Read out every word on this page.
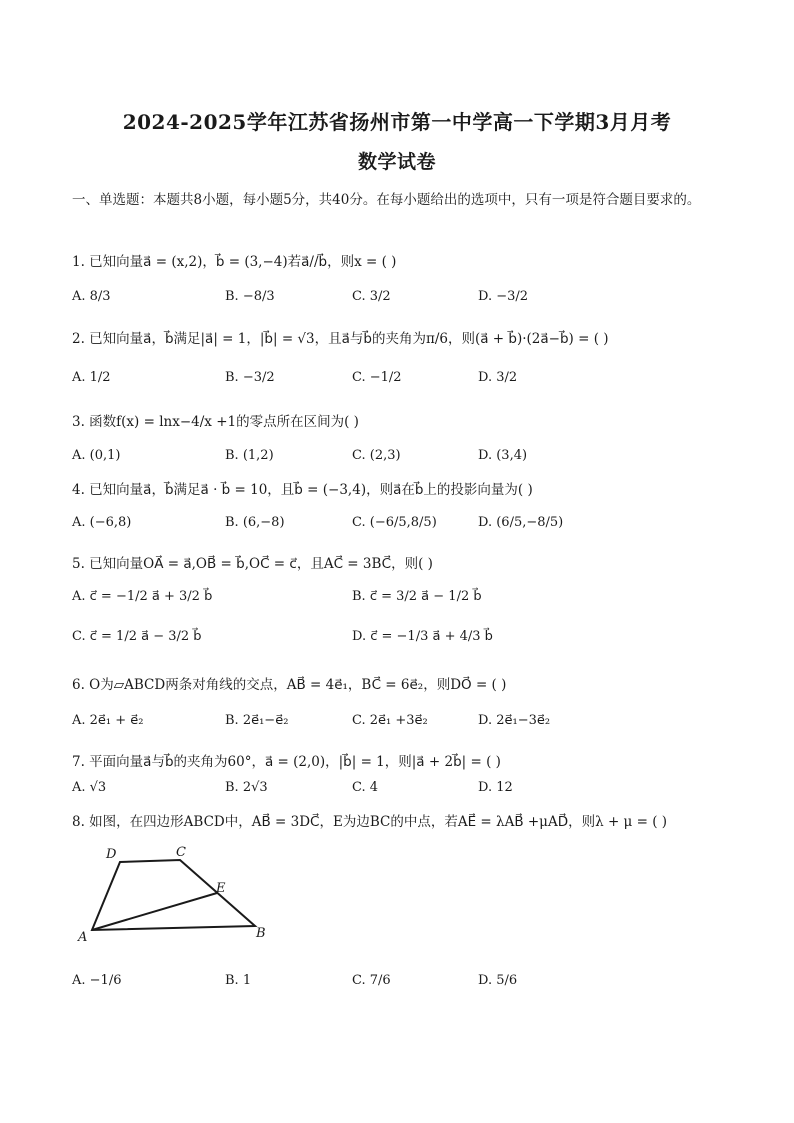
2024-2025学年江苏省扬州市第一中学高一下学期3月月考
数学试卷
一、单选题：本题共8小题，每小题5分，共40分。在每小题给出的选项中，只有一项是符合题目要求的。
1. 已知向量a⃗ = (x,2)，b⃗ = (3,−4)若a⃗//b⃗，则x = ( )
A. 8/3	B. −8/3	C. 3/2	D. −3/2
2. 已知向量a⃗，b⃗满足|a⃗| = 1，|b⃗| = √3，且a⃗与b⃗的夹角为π/6，则(a⃗ + b⃗)·(2a⃗−b⃗) = ( )
A. 1/2	B. −3/2	C. −1/2	D. 3/2
3. 函数f(x) = lnx−4/x +1的零点所在区间为( )
A. (0,1)	B. (1,2)	C. (2,3)	D. (3,4)
4. 已知向量a⃗，b⃗满足a⃗ · b⃗ = 10，且b⃗ = (−3,4)，则a⃗在b⃗上的投影向量为( )
A. (−6,8)	B. (6,−8)	C. (−6/5,8/5)	D. (6/5,−8/5)
5. 已知向量OA⃗ = a⃗,OB⃗ = b⃗,OC⃗ = c⃗，且AC⃗ = 3BC⃗，则( )
A. c⃗ = −1/2 a⃗ + 3/2 b⃗	B. c⃗ = 3/2 a⃗ − 1/2 b⃗
C. c⃗ = 1/2 a⃗ − 3/2 b⃗	D. c⃗ = −1/3 a⃗ + 4/3 b⃗
6. O为▱ABCD两条对角线的交点，AB⃗ = 4e⃗₁，BC⃗ = 6e⃗₂，则DO⃗ = ( )
A. 2e⃗₁ + e⃗₂	B. 2e⃗₁−e⃗₂	C. 2e⃗₁ +3e⃗₂	D. 2e⃗₁−3e⃗₂
7. 平面向量a⃗与b⃗的夹角为60°，a⃗ = (2,0)，|b⃗| = 1，则|a⃗ + 2b⃗| = ( )
A. √3	B. 2√3	C. 4	D. 12
8. 如图，在四边形ABCD中，AB⃗ = 3DC⃗，E为边BC的中点，若AE⃗ = λAB⃗ +μAD⃗，则λ + μ = ( )
D	C
E
A	B
A. −1/6	B. 1	C. 7/6	D. 5/6
